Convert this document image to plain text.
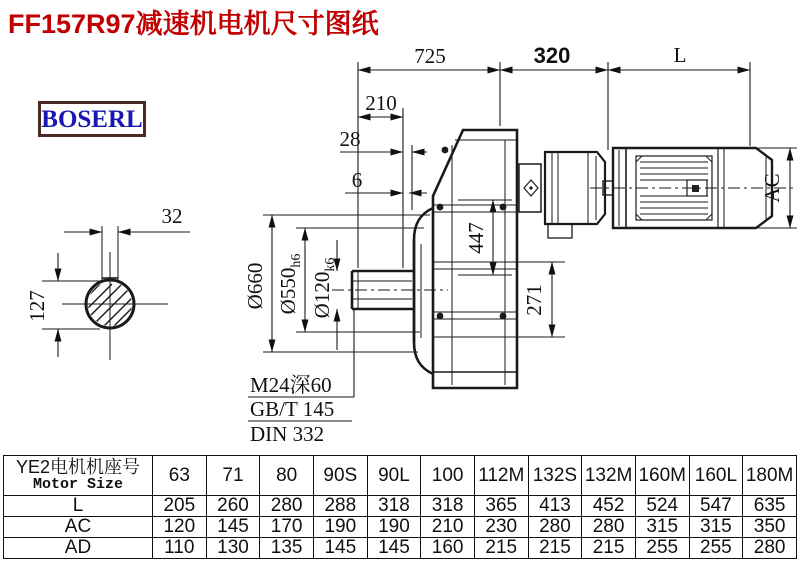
FF157R97减速机电机尺寸图纸
BOSERL
32
127
725	320	L
210
28
6	AC
447
271
Ø660 $Ø550_{h6}$
$Ø120_{k6}$
M24深60
GB/T 145
DIN 332
YE2电机机座号
Motor Size	63	71	80	90S	90L	100	112M	132S	132M	160M	160L	180M
L	205	260	280	288	318	318	365	413	452	524	547	635
AC	120	145	170	190	190	210	230	280	280	315	315	350
AD	110	130	135	145	145	160	215	215	215	255	255	280
